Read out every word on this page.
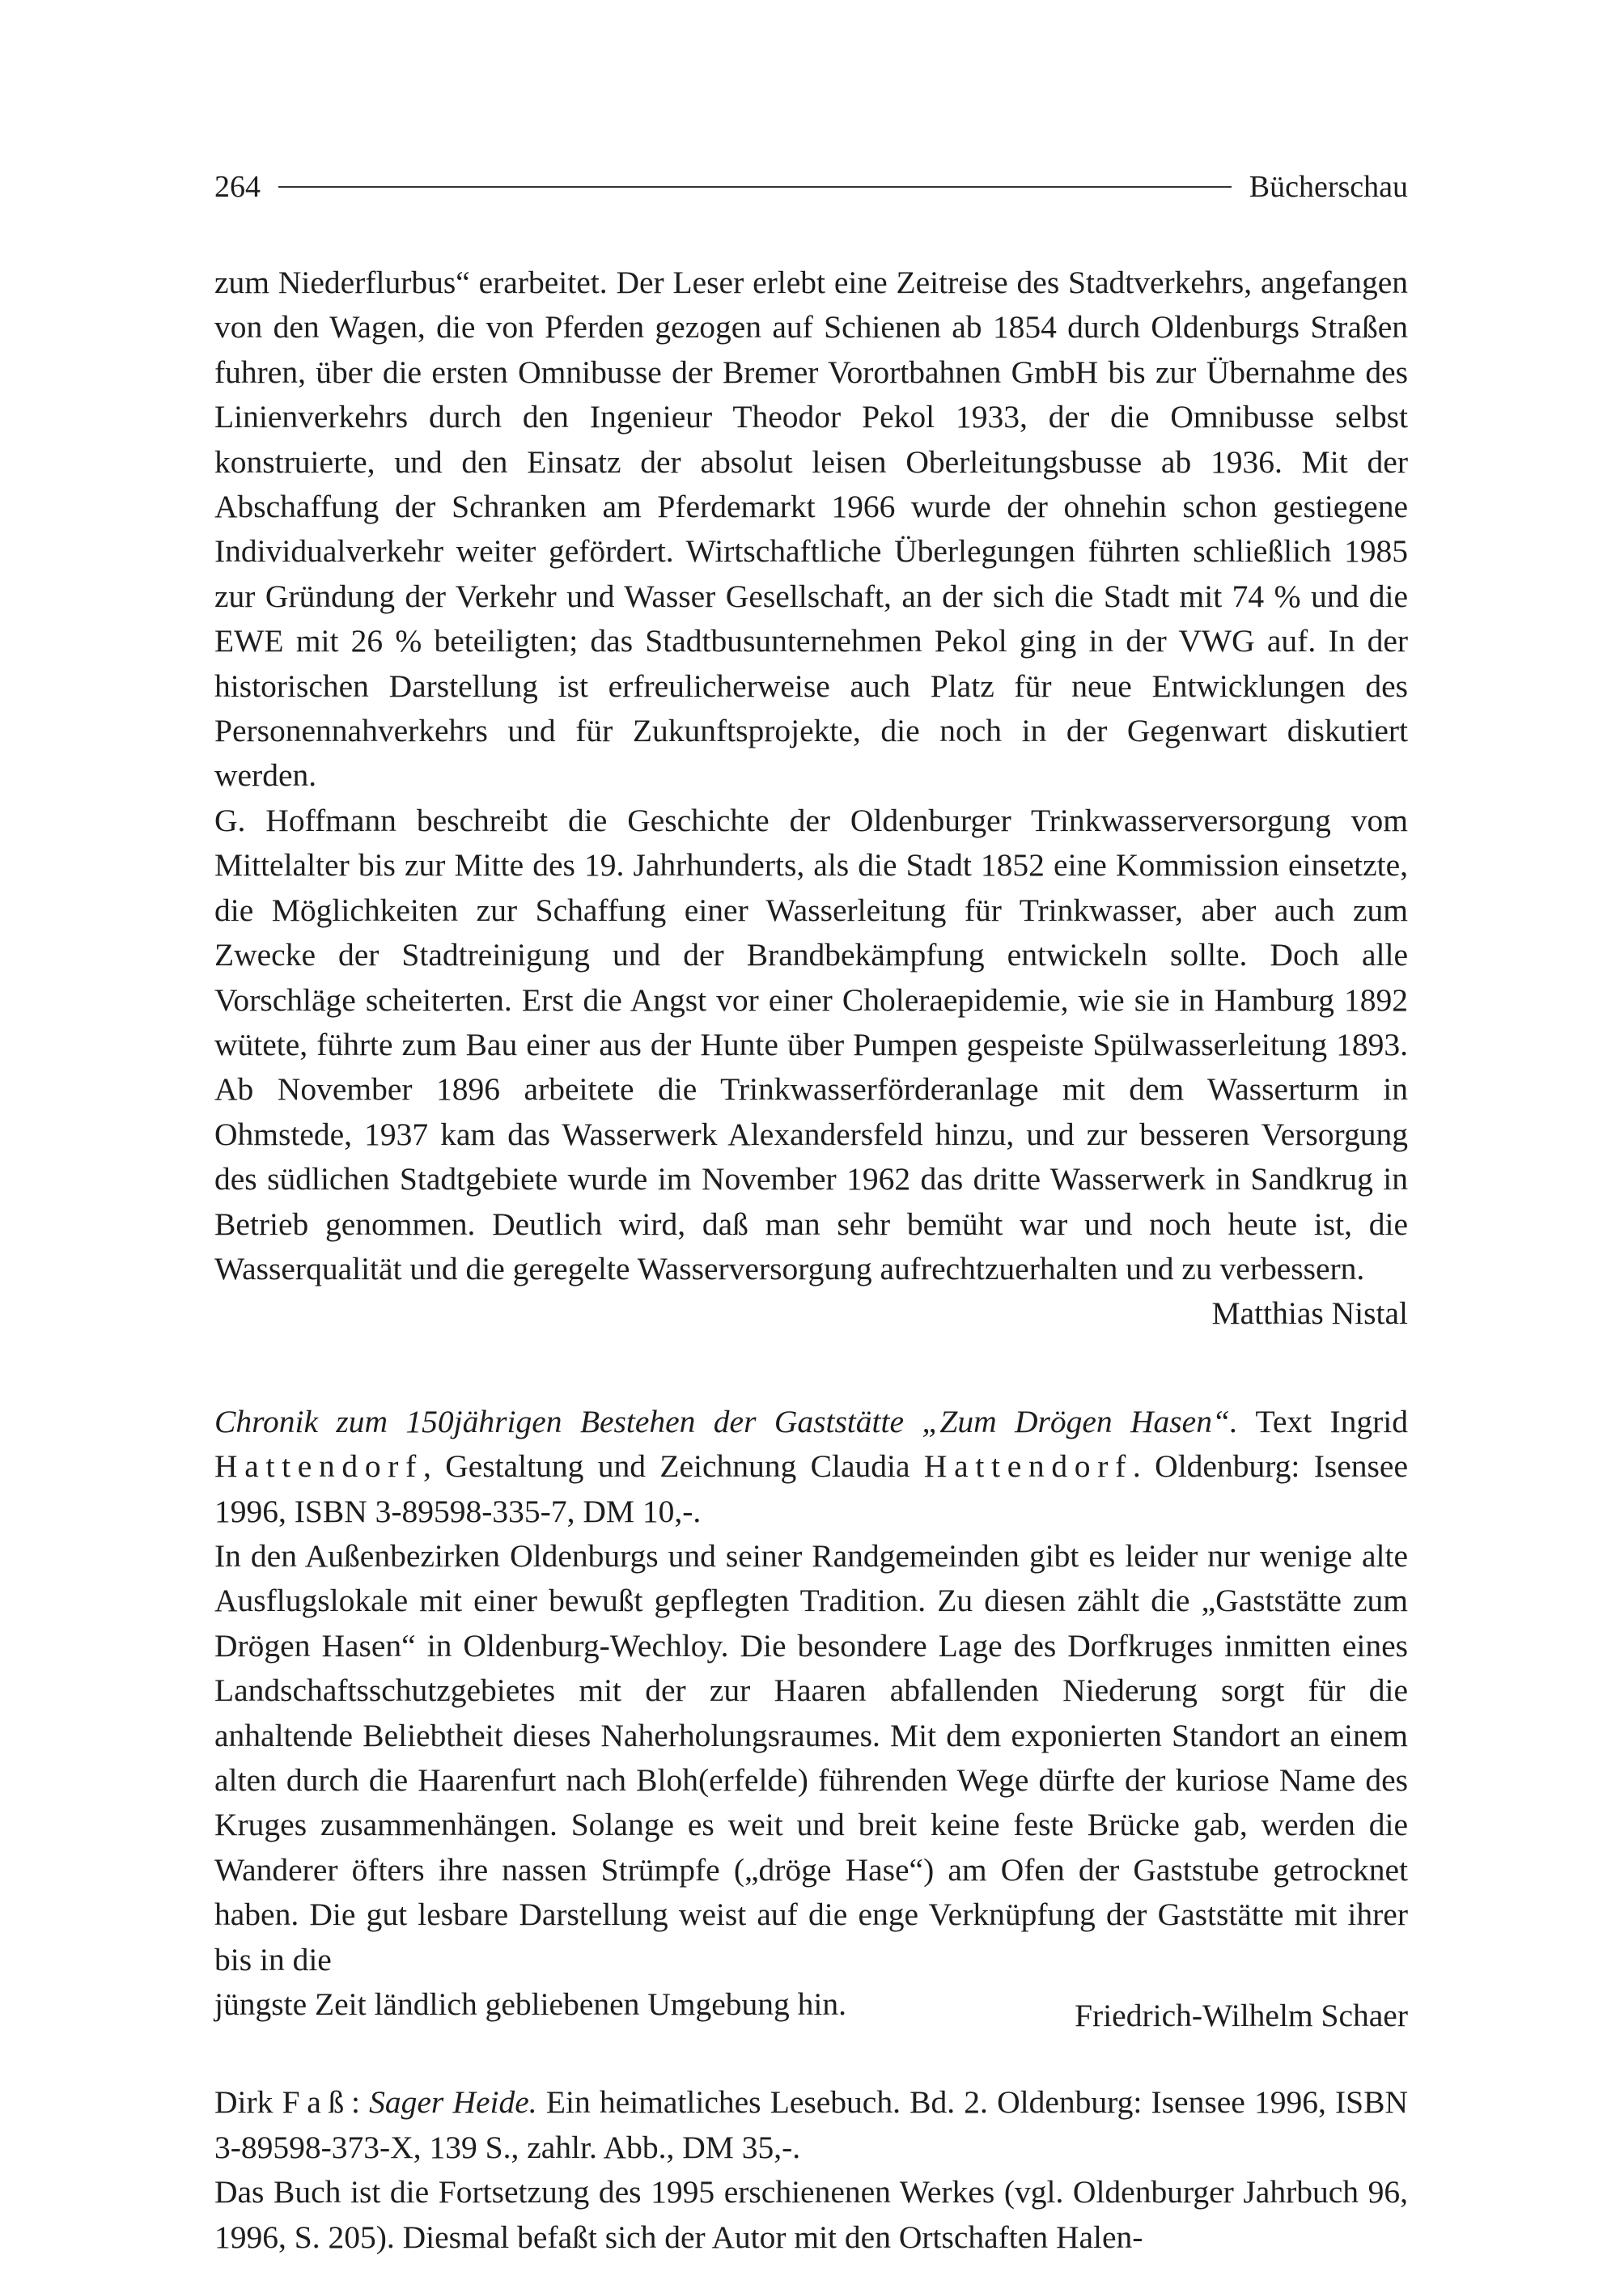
264	Bücherschau

zum Niederflurbus“ erarbeitet. Der Leser erlebt eine Zeitreise des Stadtverkehrs, angefangen von den Wagen, die von Pferden gezogen auf Schienen ab 1854 durch Oldenburgs Straßen fuhren, über die ersten Omnibusse der Bremer Vorortbahnen GmbH bis zur Übernahme des Linienverkehrs durch den Ingenieur Theodor Pekol 1933, der die Omnibusse selbst konstruierte, und den Einsatz der absolut leisen Oberleitungsbusse ab 1936. Mit der Abschaffung der Schranken am Pferdemarkt 1966 wurde der ohnehin schon gestiegene Individualverkehr weiter gefördert. Wirtschaftliche Überlegungen führten schließlich 1985 zur Gründung der Verkehr und Wasser Gesellschaft, an der sich die Stadt mit 74 % und die EWE mit 26 % beteiligten; das Stadtbusunternehmen Pekol ging in der VWG auf. In der historischen Darstellung ist erfreulicherweise auch Platz für neue Entwicklungen des Personennahverkehrs und für Zukunftsprojekte, die noch in der Gegenwart diskutiert werden.

G. Hoffmann beschreibt die Geschichte der Oldenburger Trinkwasserversorgung vom Mittelalter bis zur Mitte des 19. Jahrhunderts, als die Stadt 1852 eine Kommission einsetzte, die Möglichkeiten zur Schaffung einer Wasserleitung für Trinkwasser, aber auch zum Zwecke der Stadtreinigung und der Brandbekämpfung entwickeln sollte. Doch alle Vorschläge scheiterten. Erst die Angst vor einer Choleraepidemie, wie sie in Hamburg 1892 wütete, führte zum Bau einer aus der Hunte über Pumpen gespeiste Spülwasserleitung 1893. Ab November 1896 arbeitete die Trinkwasserförderanlage mit dem Wasserturm in Ohmstede, 1937 kam das Wasserwerk Alexandersfeld hinzu, und zur besseren Versorgung des südlichen Stadtgebiete wurde im November 1962 das dritte Wasserwerk in Sandkrug in Betrieb genommen. Deutlich wird, daß man sehr bemüht war und noch heute ist, die Wasserqualität und die geregelte Wasserversorgung aufrechtzuerhalten und zu verbessern.

Matthias Nistal

Chronik zum 150jährigen Bestehen der Gaststätte „Zum Drögen Hasen“. Text Ingrid Hattendorf, Gestaltung und Zeichnung Claudia Hattendorf. Oldenburg: Isensee 1996, ISBN 3-89598-335-7, DM 10,-.

In den Außenbezirken Oldenburgs und seiner Randgemeinden gibt es leider nur wenige alte Ausflugslokale mit einer bewußt gepflegten Tradition. Zu diesen zählt die „Gaststätte zum Drögen Hasen“ in Oldenburg-Wechloy. Die besondere Lage des Dorfkruges inmitten eines Landschaftsschutzgebietes mit der zur Haaren abfallenden Niederung sorgt für die anhaltende Beliebtheit dieses Naherholungsraumes. Mit dem exponierten Standort an einem alten durch die Haarenfurt nach Bloh(erfelde) führenden Wege dürfte der kuriose Name des Kruges zusammenhängen. Solange es weit und breit keine feste Brücke gab, werden die Wanderer öfters ihre nassen Strümpfe („dröge Hase“) am Ofen der Gaststube getrocknet haben. Die gut lesbare Darstellung weist auf die enge Verknüpfung der Gaststätte mit ihrer bis in die

jüngste Zeit ländlich gebliebenen Umgebung hin.	Friedrich-Wilhelm Schaer

Dirk Faß: Sager Heide. Ein heimatliches Lesebuch. Bd. 2. Oldenburg: Isensee 1996, ISBN 3-89598-373-X, 139 S., zahlr. Abb., DM 35,-.

Das Buch ist die Fortsetzung des 1995 erschienenen Werkes (vgl. Oldenburger Jahrbuch 96, 1996, S. 205). Diesmal befaßt sich der Autor mit den Ortschaften Halen-
